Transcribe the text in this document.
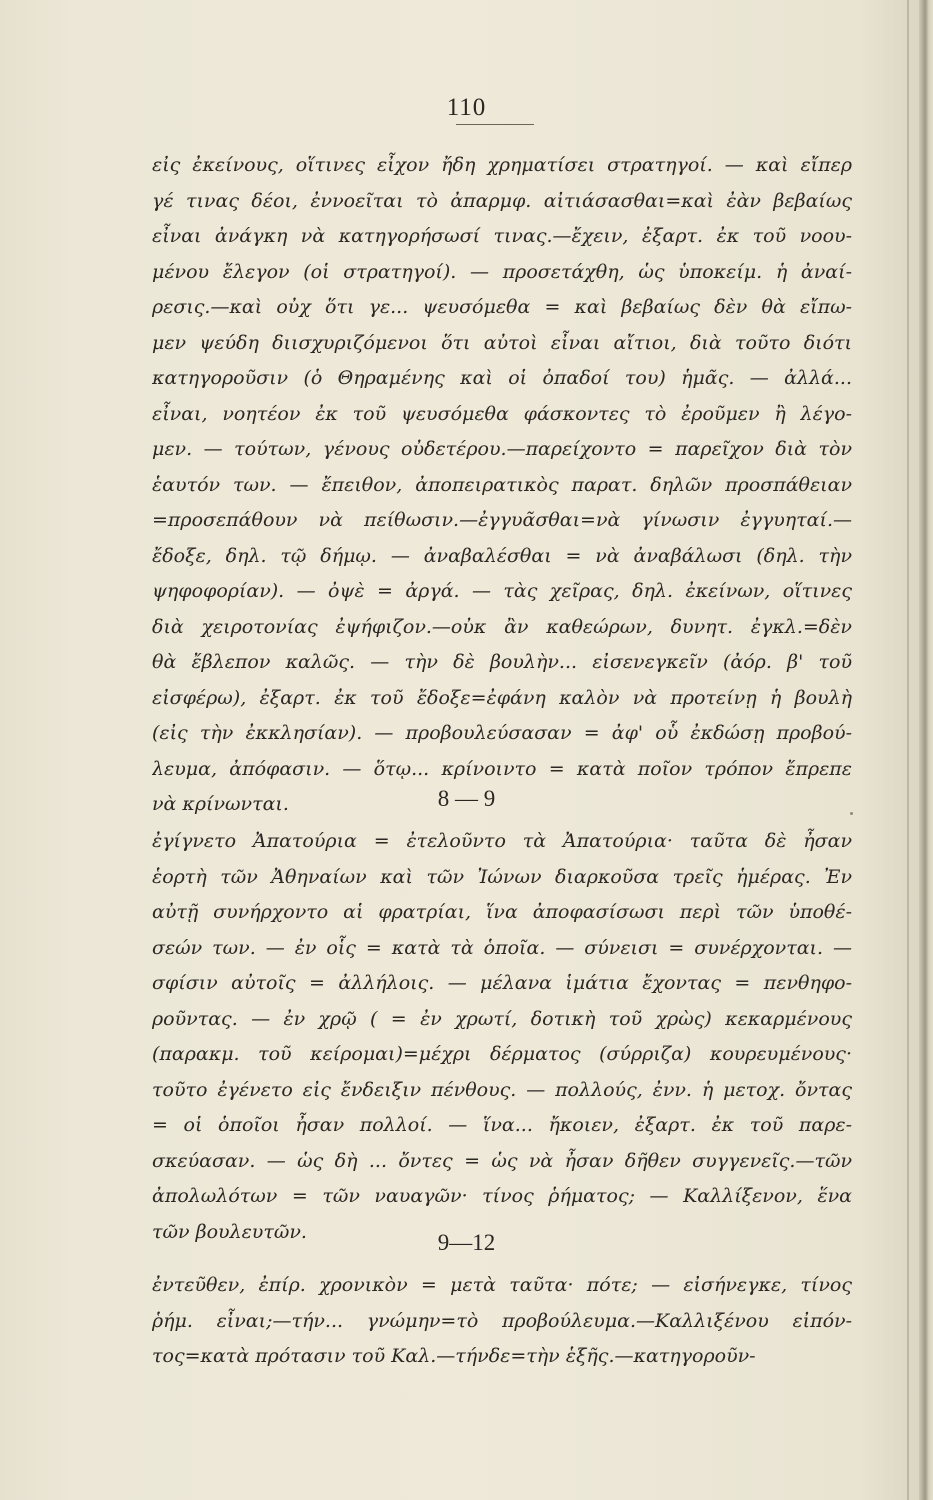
110

εἰς ἐκείνους, οἵτινες εἶχον ἤδη χρηματίσει στρατηγοί. — καὶ εἴπερ
γέ τινας δέοι, ἐννοεῖται τὸ ἀπαρμφ. αἰτιάσασθαι=καὶ ἐὰν βεβαίως
εἶναι ἀνάγκη νὰ κατηγορήσωσί τινας.—ἔχειν, ἐξαρτ. ἐκ τοῦ νοου-
μένου ἔλεγον (οἱ στρατηγοί). — προσετάχθη, ὡς ὑποκείμ. ἡ ἀναί-
ρεσις.—καὶ οὐχ ὅτι γε... ψευσόμεθα = καὶ βεβαίως δὲν θὰ εἴπω-
μεν ψεύδη διισχυριζόμενοι ὅτι αὐτοὶ εἶναι αἴτιοι, διὰ τοῦτο διότι
κατηγοροῦσιν (ὁ Θηραμένης καὶ οἱ ὀπαδοί του) ἡμᾶς. — ἀλλά...
εἶναι, νοητέον ἐκ τοῦ ψευσόμεθα φάσκοντες τὸ ἐροῦμεν ἢ λέγο-
μεν. — τούτων, γένους οὐδετέρου.—παρείχοντο = παρεῖχον διὰ τὸν
ἑαυτόν των. — ἔπειθον, ἀποπειρατικὸς παρατ. δηλῶν προσπάθειαν
=προσεπάθουν νὰ πείθωσιν.—ἐγγυᾶσθαι=νὰ γίνωσιν ἐγγυηταί.—
ἔδοξε, δηλ. τῷ δήμῳ. — ἀναβαλέσθαι = νὰ ἀναβάλωσι (δηλ. τὴν
ψηφοφορίαν). — ὀψὲ = ἀργά. — τὰς χεῖρας, δηλ. ἐκείνων, οἵτινες
διὰ χειροτονίας ἐψήφιζον.—οὐκ ἂν καθεώρων, δυνητ. ἐγκλ.=δὲν
θὰ ἔβλεπον καλῶς. — τὴν δὲ βουλὴν... εἰσενεγκεῖν (ἀόρ. β' τοῦ
εἰσφέρω), ἐξαρτ. ἐκ τοῦ ἔδοξε=ἐφάνη καλὸν νὰ προτείνῃ ἡ βουλὴ
(εἰς τὴν ἐκκλησίαν). — προβουλεύσασαν = ἀφ' οὗ ἐκδώσῃ προβού-
λευμα, ἀπόφασιν. — ὅτῳ... κρίνοιντο = κατὰ ποῖον τρόπον ἔπρεπε
νὰ κρίνωνται.	8 — 9

ἐγίγνετο Ἀπατούρια = ἐτελοῦντο τὰ Ἀπατούρια· ταῦτα δὲ ἦσαν
ἑορτὴ τῶν Ἀθηναίων καὶ τῶν Ἰώνων διαρκοῦσα τρεῖς ἡμέρας. Ἐν
αὐτῇ συνήρχοντο αἱ φρατρίαι, ἵνα ἀποφασίσωσι περὶ τῶν ὑποθέ-
σεών των. — ἐν οἷς = κατὰ τὰ ὁποῖα. — σύνεισι = συνέρχονται. —
σφίσιν αὐτοῖς = ἀλλήλοις. — μέλανα ἱμάτια ἔχοντας = πενθηφο-
ροῦντας. — ἐν χρῷ ( = ἐν χρωτί, δοτικὴ τοῦ χρὼς) κεκαρμένους
(παρακμ. τοῦ κείρομαι)=μέχρι δέρματος (σύρριζα) κουρευμένους·
τοῦτο ἐγένετο εἰς ἔνδειξιν πένθους. — πολλούς, ἐνν. ἡ μετοχ. ὄντας
= οἱ ὁποῖοι ἦσαν πολλοί. — ἵνα... ἤκοιεν, ἐξαρτ. ἐκ τοῦ παρε-
σκεύασαν. — ὡς δὴ ... ὄντες = ὡς νὰ ἦσαν δῆθεν συγγενεῖς.—τῶν
ἀπολωλότων = τῶν ναυαγῶν· τίνος ῥήματος; — Καλλίξενον, ἕνα
τῶν βουλευτῶν.	9—12

ἐντεῦθεν, ἐπίρ. χρονικὸν = μετὰ ταῦτα· πότε; — εἰσήνεγκε, τίνος
ῥήμ. εἶναι;—τήν... γνώμην=τὸ προβούλευμα.—Καλλιξένου εἰπόν-
τος=κατὰ πρότασιν τοῦ Καλ.—τήνδε=τὴν ἑξῆς.—κατηγοροῦν-
